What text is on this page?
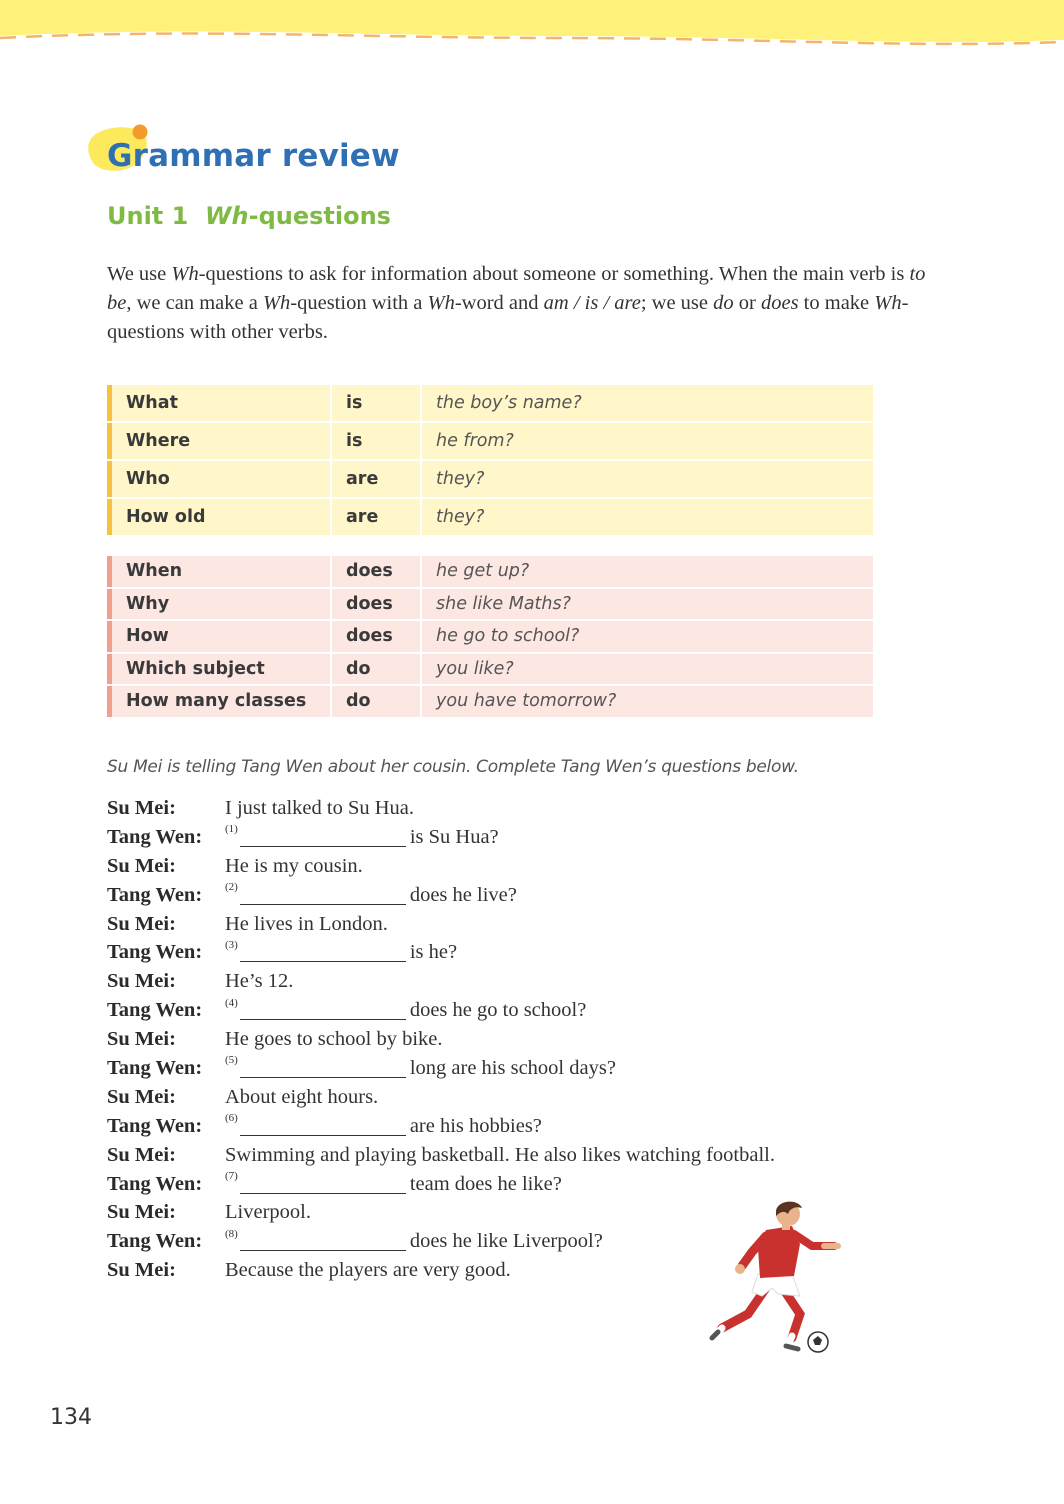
Grammar review
Unit 1 Wh-questions

We use Wh-questions to ask for information about someone or something. When the main verb is to be, we can make a Wh-question with a Wh-word and am / is / are; we use do or does to make Wh-questions with other verbs.

What	is	the boy’s name?
Where	is	he from?
Who	are	they?
How old	are	they?
When	does	he get up?
Why	does	she like Maths?
How	does	he go to school?
Which subject	do	you like?
How many classes	do	you have tomorrow?

Su Mei is telling Tang Wen about her cousin. Complete Tang Wen’s questions below.

Su Mei:	I just talked to Su Hua.
Tang Wen:	(1)	is Su Hua?
Su Mei:	He is my cousin.
Tang Wen:	(2)	does he live?
Su Mei:	He lives in London.
Tang Wen:	(3)	is he?
Su Mei:	He’s 12.
Tang Wen:	(4)	does he go to school?
Su Mei:	He goes to school by bike.
Tang Wen:	(5)	long are his school days?
Su Mei:	About eight hours.
Tang Wen:	(6)	are his hobbies?
Su Mei:	Swimming and playing basketball. He also likes watching football.
Tang Wen:	(7)	team does he like?
Su Mei:	Liverpool.
Tang Wen:	(8)	does he like Liverpool?
Su Mei:	Because the players are very good.
134
